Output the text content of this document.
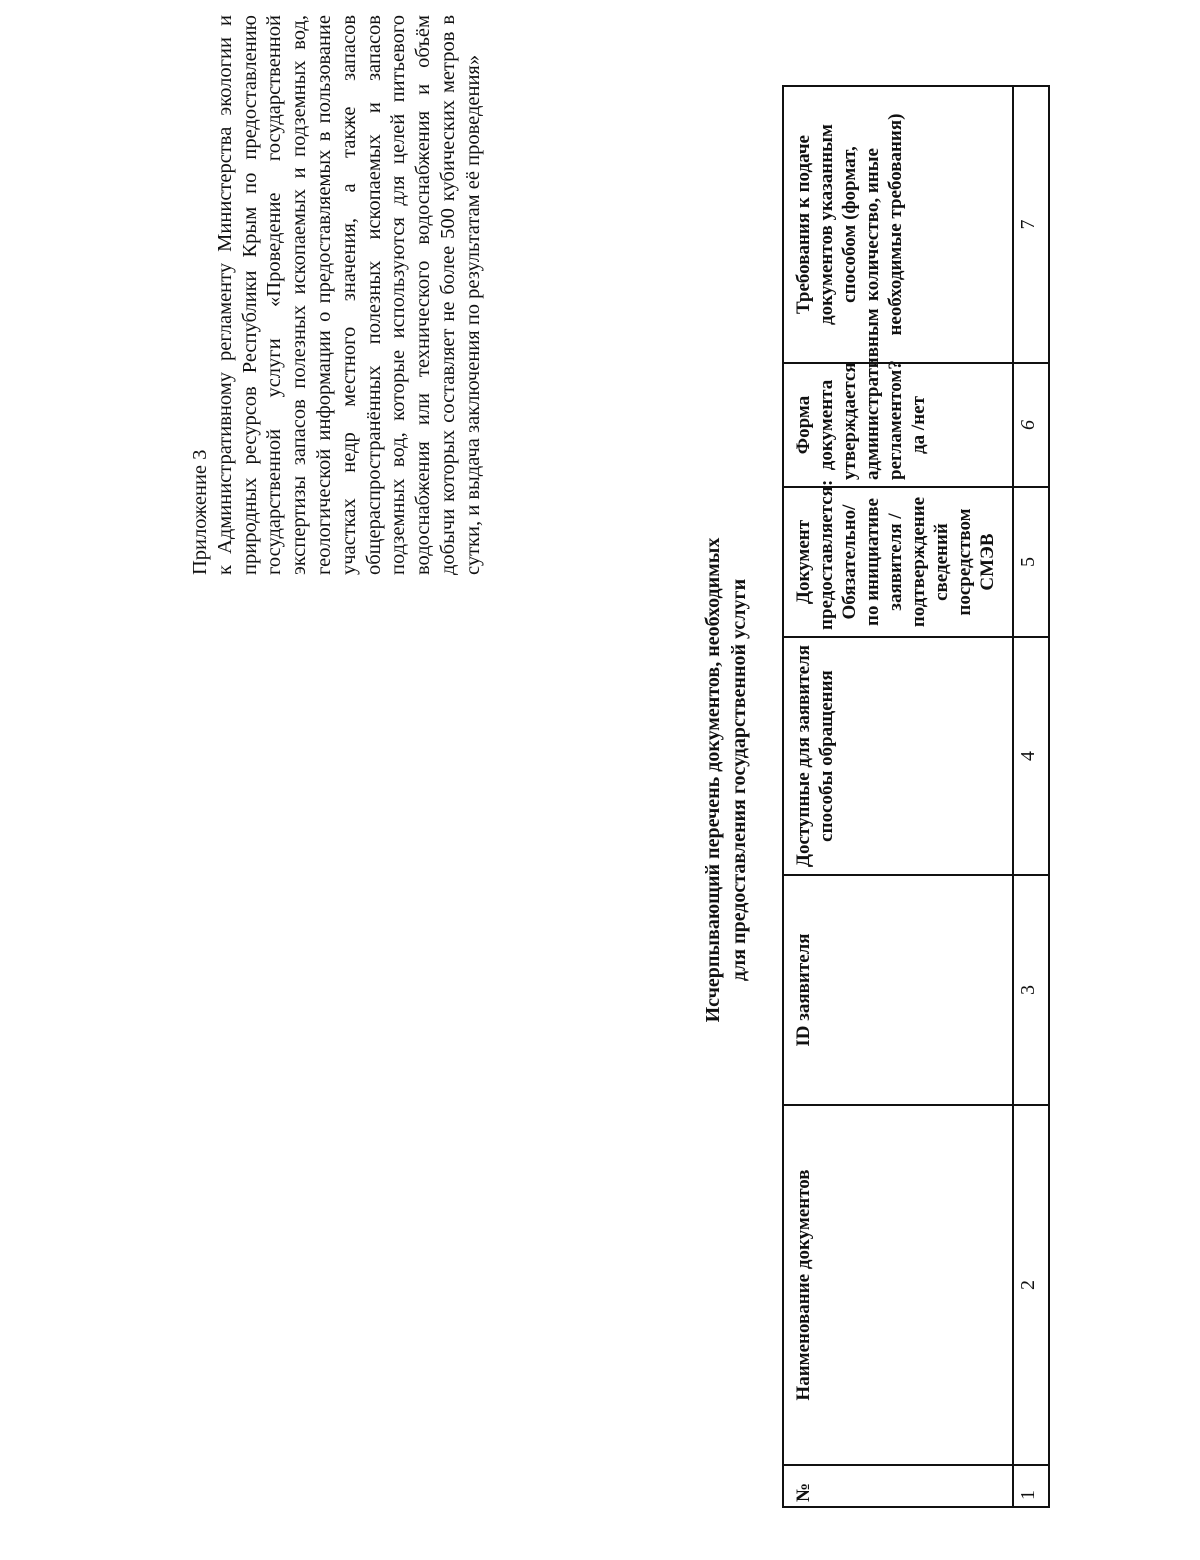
Приложение 3 к Административному регламенту Министерства экологии и природных ресурсов Республики Крым по предоставлению государственной услуги «Проведение государственной экспертизы запасов полезных ископаемых и подземных вод, геологической информации о предоставляемых в пользование участках недр местного значения, а также запасов общераспространённых полезных ископаемых и запасов подземных вод, которые используются для целей питьевого водоснабжения или технического водоснабжения и объём добычи которых составляет не более 500 кубических метров в сутки, и выдача заключения по результатам её проведения»

Исчерпывающий перечень документов, необходимых для предоставления государственной услуги
№	Наименование документов	ID заявителя	Доступные для заявителя способы обращения	Документ предоставляется: Обязательно/ по инициативе заявителя /подтверждение сведений посредством СМЭВ	Форма документа утверждается административным регламентом? да /нет	Требования к подаче документов указанным способом (формат, количество, иные необходимые требования)
1	2	3	4	5	6	7
